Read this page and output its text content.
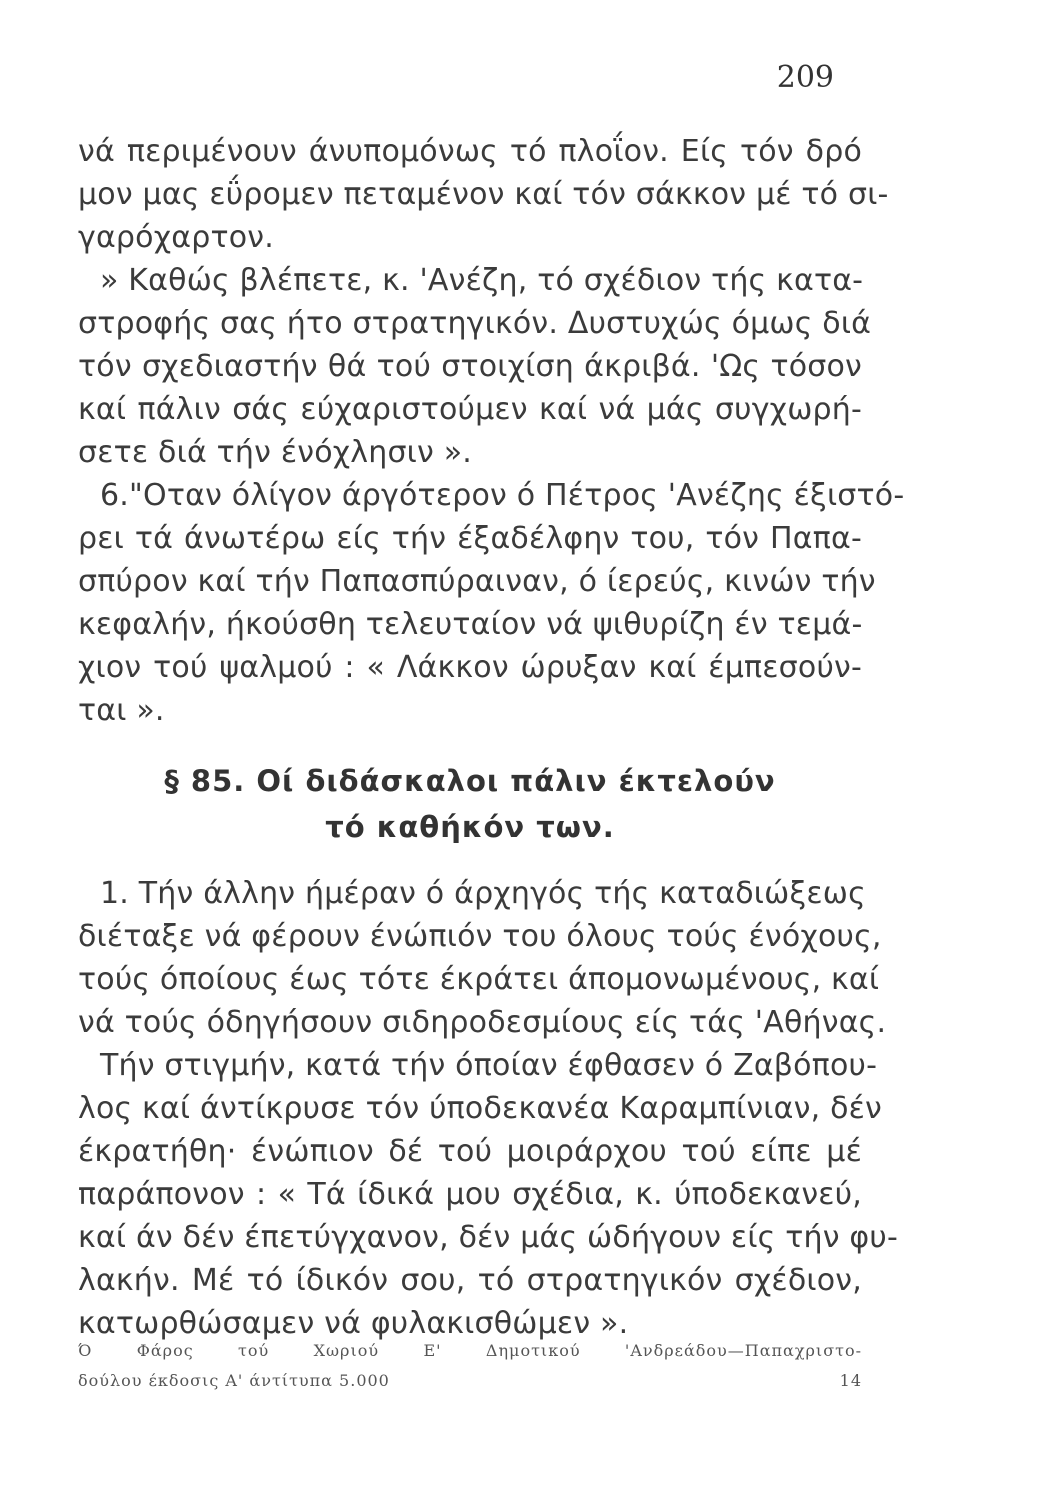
209
νά περιμένουν άνυπομόνως τό πλοΐον. Είς τόν δρό
μον μας εΰρομεν πεταμένον καί τόν σάκκον μέ τό σι-
γαρόχαρτον.
» Καθώς βλέπετε, κ. 'Ανέζη, τό σχέδιον τής κατα-
στροφής σας ήτο στρατηγικόν. Δυστυχώς όμως διά
τόν σχεδιαστήν θά τού στοιχίση άκριβά. 'Ως τόσον
καί πάλιν σάς εύχαριστούμεν καί νά μάς συγχωρή-
σετε διά τήν ένόχλησιν ».
6."Οταν όλίγον άργότερον ό Πέτρος 'Ανέζης έξιστό-
ρει τά άνωτέρω είς τήν έξαδέλφην του, τόν Παπα-
σπύρον καί τήν Παπασπύραιναν, ό ίερεύς, κινών τήν
κεφαλήν, ήκούσθη τελευταίον νά ψιθυρίζη έν τεμά-
χιον τού ψαλμού : « Λάκκον ώρυξαν καί έμπεσούν-
ται ».
§ 85. Οί διδάσκαλοι πάλιν έκτελούν
τό καθήκόν των.
1. Τήν άλλην ήμέραν ό άρχηγός τής καταδιώξεως
διέταξε νά φέρουν ένώπιόν του όλους τούς ένόχους,
τούς όποίους έως τότε έκράτει άπομονωμένους, καί
νά τούς όδηγήσουν σιδηροδεσμίους είς τάς 'Αθήνας.
Τήν στιγμήν, κατά τήν όποίαν έφθασεν ό Ζαβόπου-
λος καί άντίκρυσε τόν ύποδεκανέα Καραμπίνιαν, δέν
έκρατήθη· ένώπιον δέ τού μοιράρχου τού είπε μέ
παράπονον : « Τά ίδικά μου σχέδια, κ. ύποδεκανεύ,
καί άν δέν έπετύγχανον, δέν μάς ώδήγουν είς τήν φυ-
λακήν. Μέ τό ίδικόν σου, τό στρατηγικόν σχέδιον,
κατωρθώσαμεν νά φυλακισθώμεν ».
Ό Φάρος τού Χωριού Ε' Δημοτικού 'Ανδρεάδου—Παπαχριστο-
δούλου έκδοσις Α' άντίτυπα 5.000	14
